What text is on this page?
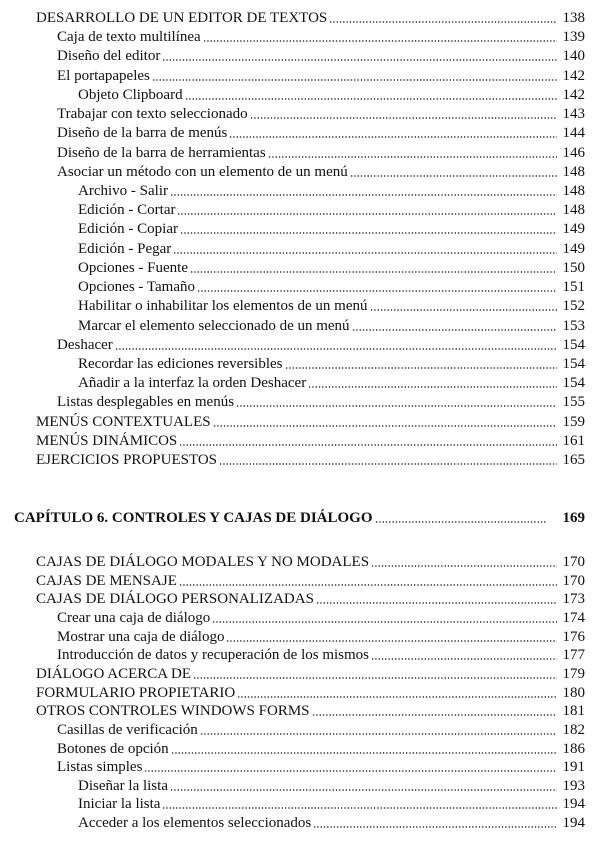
DESARROLLO DE UN EDITOR DE TEXTOS	138
Caja de texto multilínea	139
Diseño del editor	140
El portapapeles	142
Objeto Clipboard	142
Trabajar con texto seleccionado	143
Diseño de la barra de menús	144
Diseño de la barra de herramientas	146
Asociar un método con un elemento de un menú	148
Archivo - Salir	148
Edición - Cortar	148
Edición - Copiar	149
Edición - Pegar	149
Opciones - Fuente	150
Opciones - Tamaño	151
Habilitar o inhabilitar los elementos de un menú	152
Marcar el elemento seleccionado de un menú	153
Deshacer	154
Recordar las ediciones reversibles	154
Añadir a la interfaz la orden Deshacer	154
Listas desplegables en menús	155
MENÚS CONTEXTUALES	159
MENÚS DINÁMICOS	161
EJERCICIOS PROPUESTOS	165
CAPÍTULO 6. CONTROLES Y CAJAS DE DIÁLOGO	169
CAJAS DE DIÁLOGO MODALES Y NO MODALES	170
CAJAS DE MENSAJE	170
CAJAS DE DIÁLOGO PERSONALIZADAS	173
Crear una caja de diálogo	174
Mostrar una caja de diálogo	176
Introducción de datos y recuperación de los mismos	177
DIÁLOGO ACERCA DE	179
FORMULARIO PROPIETARIO	180
OTROS CONTROLES WINDOWS FORMS	181
Casillas de verificación	182
Botones de opción	186
Listas simples	191
Diseñar la lista	193
Iniciar la lista	194
Acceder a los elementos seleccionados	194
